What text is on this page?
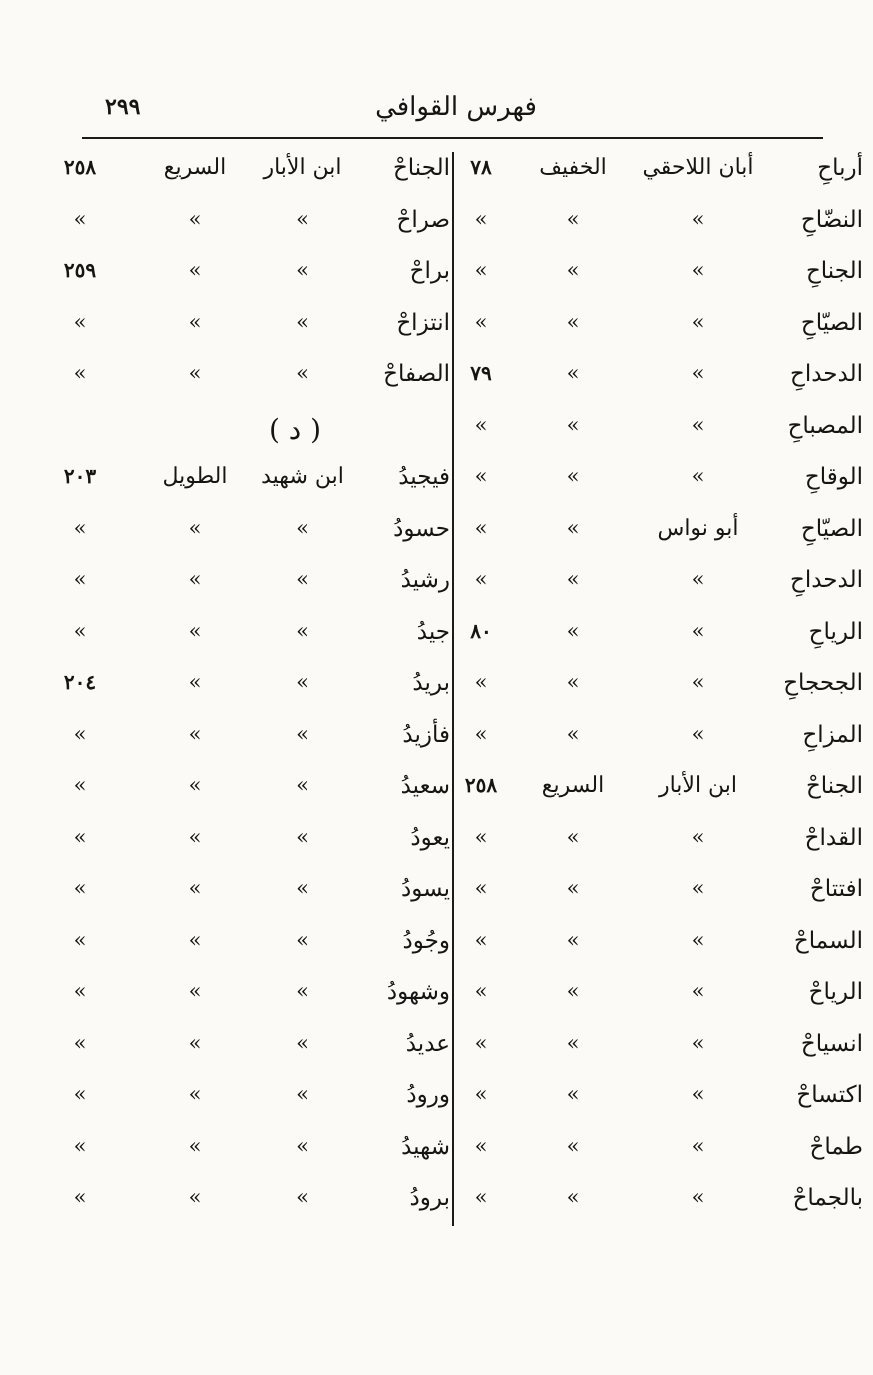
٢٩٩	فهرس القوافي
أرباحِ
أبان اللاحقي
الخفيف
٧٨
النضّاحِ
»
»
»
الجناحِ
»
»
»
الصيّاحِ
»
»
»
الدحداحِ
»
»
٧٩
المصباحِ
»
»
»
الوقاحِ
»
»
»
الصيّاحِ
أبو نواس
»
»
الدحداحِ
»
»
»
الرياحِ
»
»
٨٠
الجحجاحِ
»
»
»
المزاحِ
»
»
»
الجناحْ
ابن الأبار
السريع
٢٥٨
القداحْ
»
»
»
افتتاحْ
»
»
»
السماحْ
»
»
»
الرياحْ
»
»
»
انسياحْ
»
»
»
اكتساحْ
»
»
»
طماحْ
»
»
»
بالجماحْ
»
»
»
الجناحْ
ابن الأبار
السريع
٢٥٨
صراحْ
»
»
»
براحْ
»
»
٢٥٩
انتزاحْ
»
»
»
الصفاحْ
»
»
»
( د )
فيجيدُ
ابن شهيد
الطويل
٢٠٣
حسودُ
»
»
»
رشيدُ
»
»
»
جيدُ
»
»
»
بريدُ
»
»
٢٠٤
فأزيدُ
»
»
»
سعيدُ
»
»
»
يعودُ
»
»
»
يسودُ
»
»
»
وجُودُ
»
»
»
وشهودُ
»
»
»
عديدُ
»
»
»
ورودُ
»
»
»
شهيدُ
»
»
»
برودُ
»
»
»
